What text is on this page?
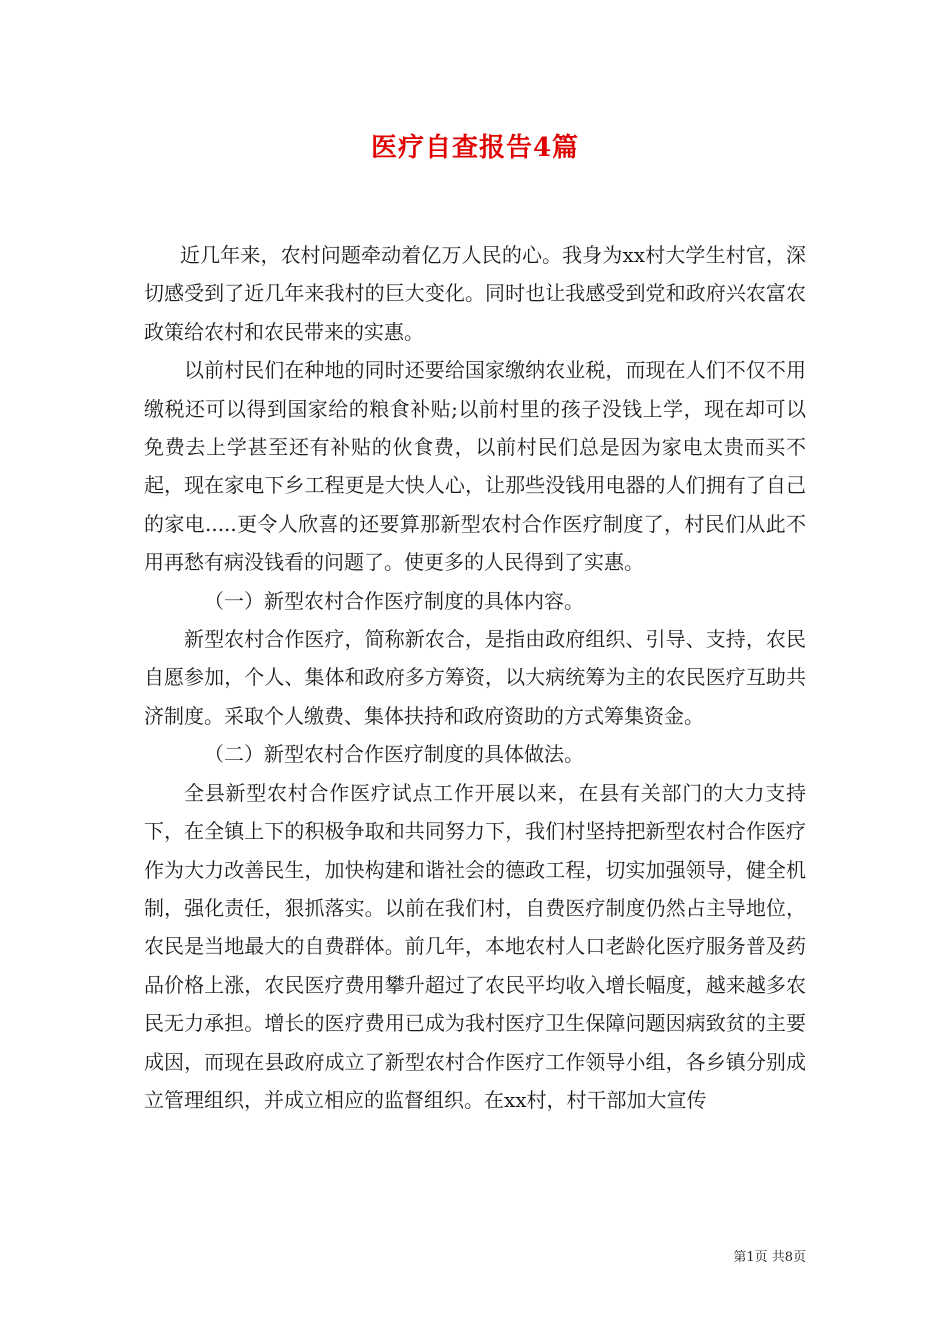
医疗自查报告4篇

近几年来，农村问题牵动着亿万人民的心。我身为xx村大学生村官，深切感受到了近几年来我村的巨大变化。同时也让我感受到党和政府兴农富农政策给农村和农民带来的实惠。

以前村民们在种地的同时还要给国家缴纳农业税，而现在人们不仅不用缴税还可以得到国家给的粮食补贴;以前村里的孩子没钱上学，现在却可以免费去上学甚至还有补贴的伙食费，以前村民们总是因为家电太贵而买不起，现在家电下乡工程更是大快人心，让那些没钱用电器的人们拥有了自己的家电.....更令人欣喜的还要算那新型农村合作医疗制度了，村民们从此不用再愁有病没钱看的问题了。使更多的人民得到了实惠。

（一）新型农村合作医疗制度的具体内容。

新型农村合作医疗，简称新农合，是指由政府组织、引导、支持，农民自愿参加，个人、集体和政府多方筹资，以大病统筹为主的农民医疗互助共济制度。采取个人缴费、集体扶持和政府资助的方式筹集资金。

（二）新型农村合作医疗制度的具体做法。

全县新型农村合作医疗试点工作开展以来，在县有关部门的大力支持下，在全镇上下的积极争取和共同努力下，我们村坚持把新型农村合作医疗作为大力改善民生，加快构建和谐社会的德政工程，切实加强领导，健全机制，强化责任，狠抓落实。以前在我们村，自费医疗制度仍然占主导地位，农民是当地最大的自费群体。前几年，本地农村人口老龄化医疗服务普及药品价格上涨，农民医疗费用攀升超过了农民平均收入增长幅度，越来越多农民无力承担。增长的医疗费用已成为我村医疗卫生保障问题因病致贫的主要成因，而现在县政府成立了新型农村合作医疗工作领导小组，各乡镇分别成立管理组织，并成立相应的监督组织。在xx村，村干部加大宣传

第1页 共8页
